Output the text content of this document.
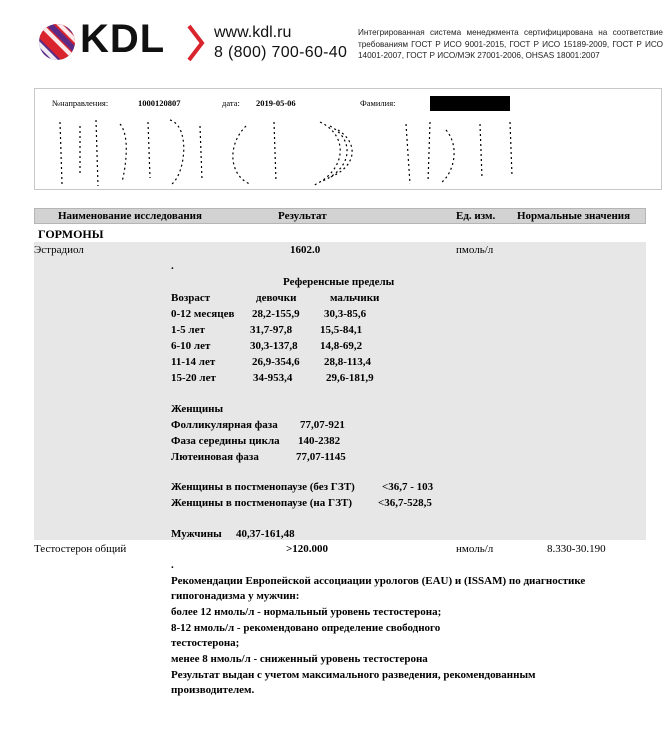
KDL	www.kdl.ru
8 (800) 700-60-40
Интегрированная система менеджмента сертифицирована на соответствие требованиям ГОСТ Р ИСО 9001-2015, ГОСТ Р ИСО 15189-2009, ГОСТ Р ИСО 14001-2007, ГОСТ Р ИСО/МЭК 27001-2006, OHSAS 18001:2007
№направления:	1000120807	дата: 2019-05-06	Фамилия:
Наименование исследования	Результат	Ед. изм. Нормальные значения
ГОРМОНЫ
Эстрадиол	1602.0	пмоль/л
.
Референсные пределы
Возраст	девочки	мальчики
0-12 месяцев 28,2-155,9 30,3-85,6
1-5 лет	31,7-97,8	15,5-84,1
6-10 лет	30,3-137,8 14,8-69,2
11-14 лет	26,9-354,6 28,8-113,4
15-20 лет	34-953,4	29,6-181,9
Женщины
Фолликулярная фаза 77,07-921
Фаза середины цикла 140-2382
Лютеиновая фаза	77,07-1145
Женщины в постменопаузе (без ГЗТ) <36,7 - 103
Женщины в постменопаузе (на ГЗТ) <36,7-528,5
Мужчины 40,37-161,48
Тестостерон общий	>120.000	нмоль/л	8.330-30.190
.
Рекомендации Европейской ассоциации урологов (EAU) и (ISSAM) по диагностике
гипогонадизма у мужчин:
более 12 нмоль/л - нормальный уровень тестостерона;
8-12 нмоль/л - рекомендовано определение свободного
тестостерона;
менее 8 нмоль/л - сниженный уровень тестостерона
Результат выдан с учетом максимального разведения, рекомендованным
производителем.
